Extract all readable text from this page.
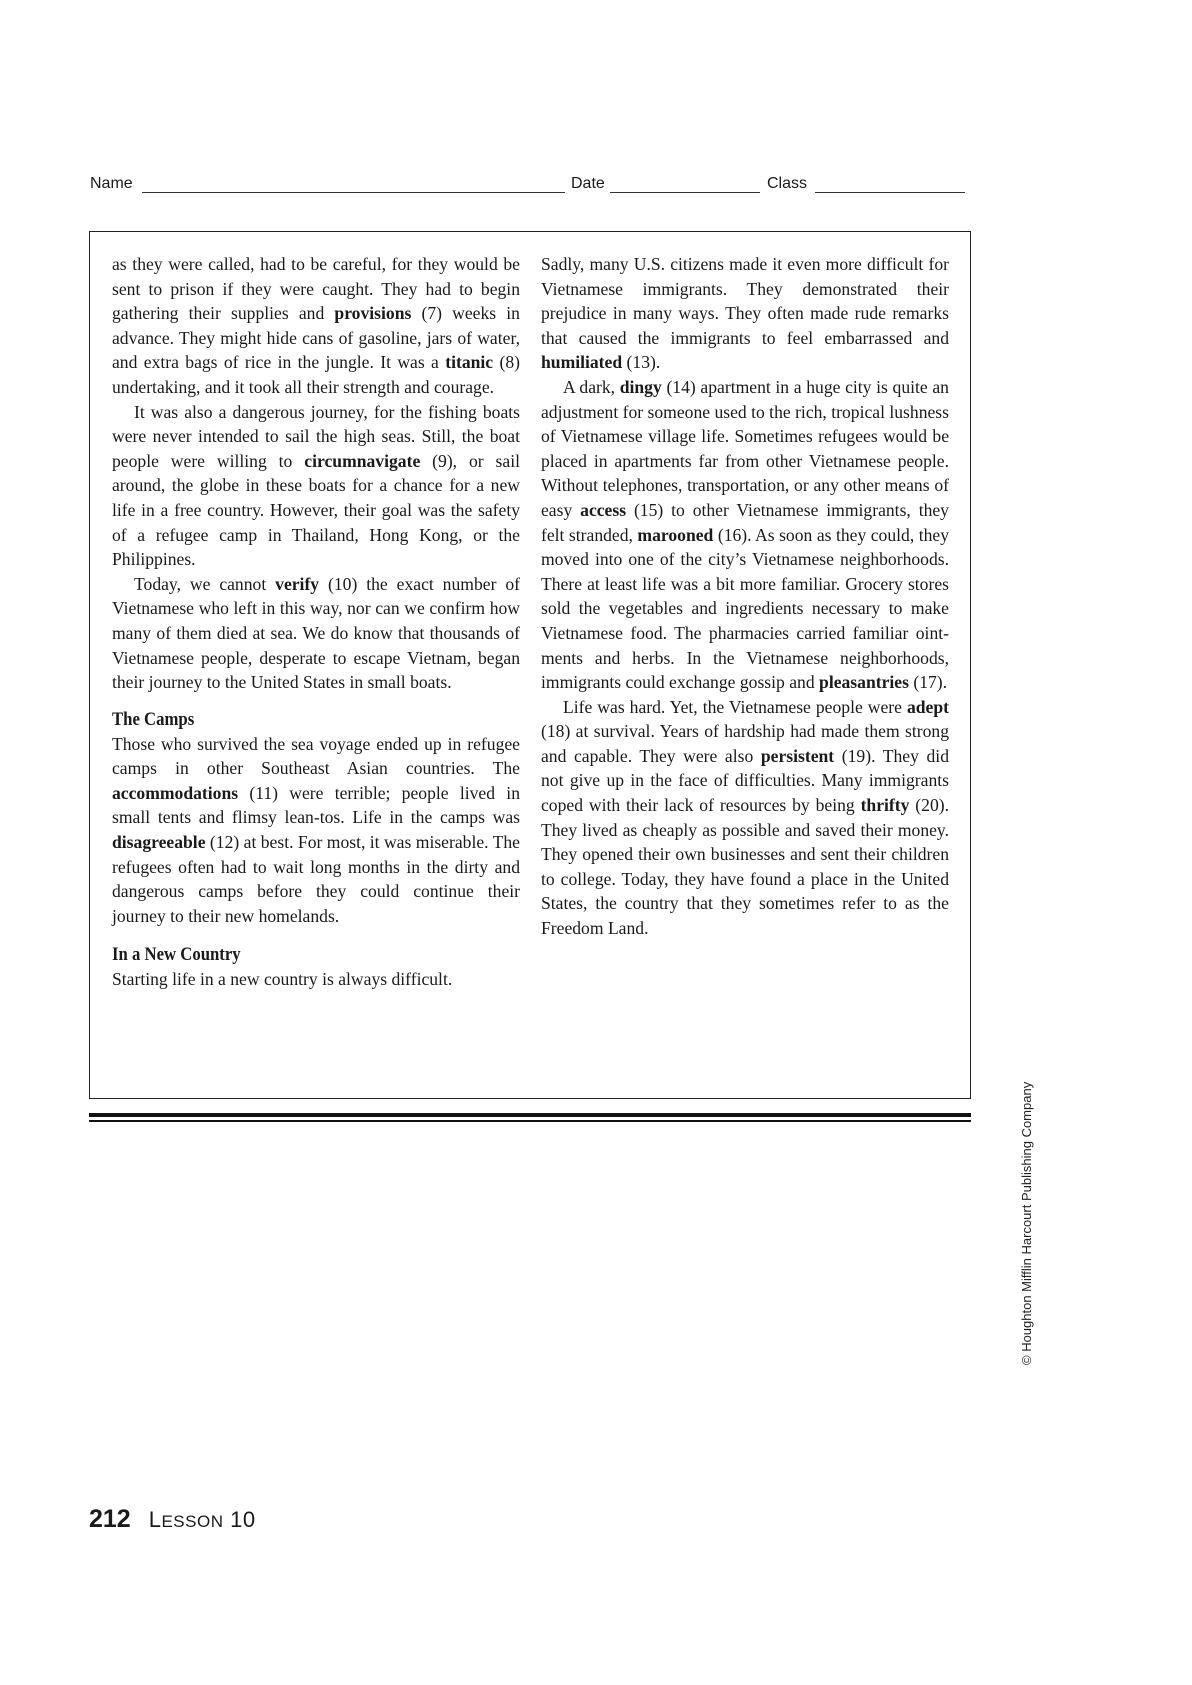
Name	Date	Class

as they were called, had to be careful, for they would be sent to prison if they were caught. They had to begin gathering their supplies and provisions (7) weeks in advance. They might hide cans of gasoline, jars of water, and extra bags of rice in the jungle. It was a titanic (8) undertaking, and it took all their strength and courage.

It was also a dangerous journey, for the fishing boats were never intended to sail the high seas. Still, the boat people were willing to circumnavigate (9), or sail around, the globe in these boats for a chance for a new life in a free country. However, their goal was the safety of a refugee camp in Thailand, Hong Kong, or the Philippines.

Today, we cannot verify (10) the exact number of Vietnamese who left in this way, nor can we confirm how many of them died at sea. We do know that thousands of Vietnamese people, desperate to escape Vietnam, began their journey to the United States in small boats.

The Camps

Those who survived the sea voyage ended up in refugee camps in other Southeast Asian countries. The accommodations (11) were terrible; people lived in small tents and flimsy lean-tos. Life in the camps was disagreeable (12) at best. For most, it was miserable. The refugees often had to wait long months in the dirty and dangerous camps before they could continue their journey to their new homelands.

In a New Country

Starting life in a new country is always difficult.

Sadly, many U.S. citizens made it even more difficult for Vietnamese immigrants. They demonstrated their prejudice in many ways. They often made rude remarks that caused the immigrants to feel embarrassed and humiliated (13).

A dark, dingy (14) apartment in a huge city is quite an adjustment for someone used to the rich, tropical lushness of Vietnamese village life. Sometimes refugees would be placed in apartments far from other Vietnamese people. Without telephones, transportation, or any other means of easy access (15) to other Vietnamese immigrants, they felt stranded, marooned (16). As soon as they could, they moved into one of the city’s Vietnamese neighborhoods. There at least life was a bit more familiar. Grocery stores sold the vegetables and ingredients necessary to make Vietnamese food. The pharmacies carried familiar ointments and herbs. In the Vietnamese neighborhoods, immigrants could exchange gossip and pleasantries (17).

Life was hard. Yet, the Vietnamese people were adept (18) at survival. Years of hardship had made them strong and capable. They were also persistent (19). They did not give up in the face of difficulties. Many immigrants coped with their lack of resources by being thrifty (20). They lived as cheaply as possible and saved their money. They opened their own businesses and sent their children to college. Today, they have found a place in the United States, the country that they sometimes refer to as the Freedom Land.

© Houghton Mifflin Harcourt Publishing Company
212 LESSON 10
